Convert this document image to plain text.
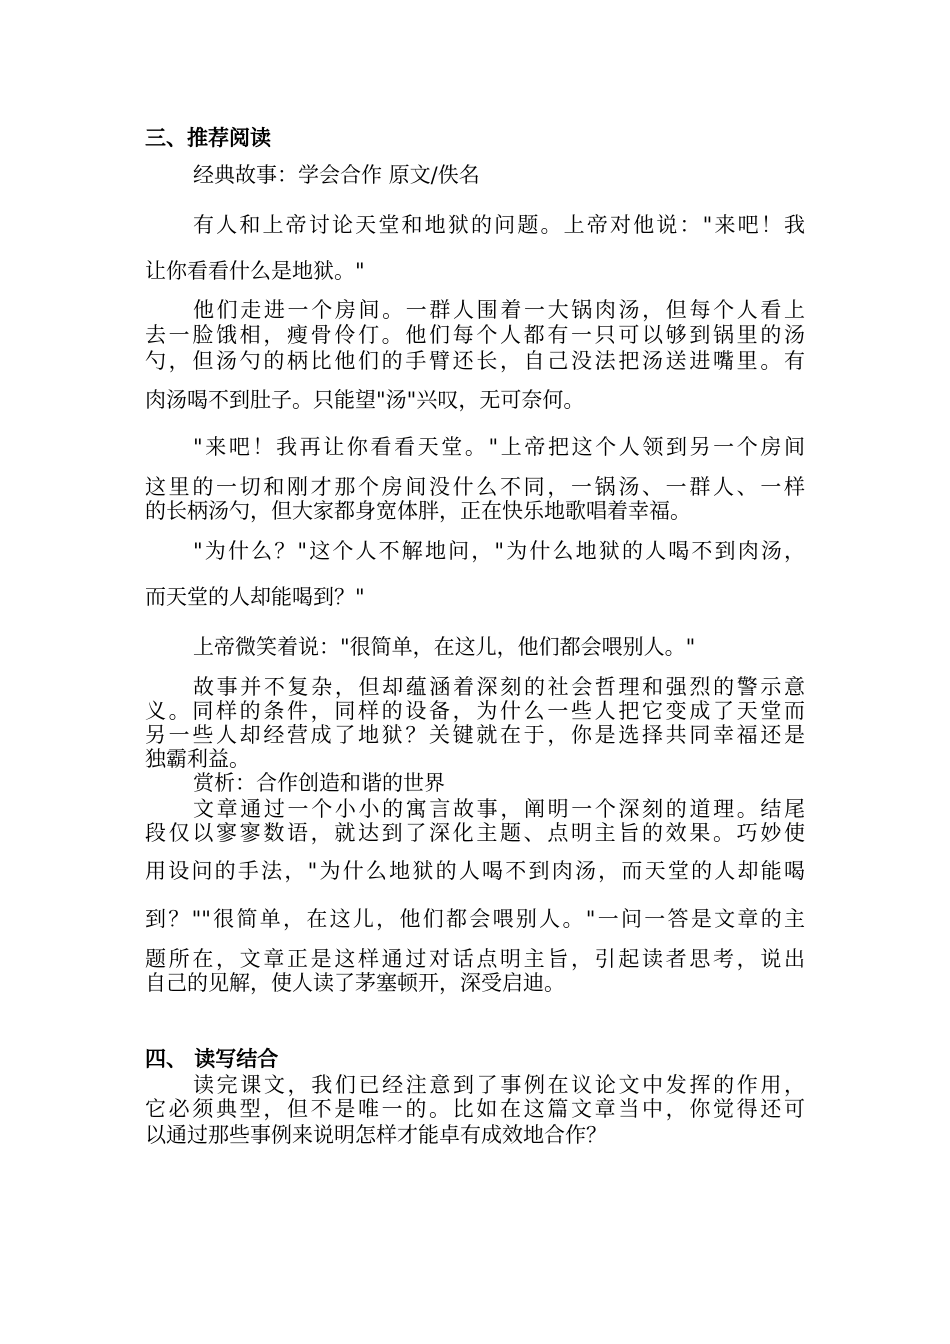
三、推荐阅读
经典故事：学会合作 原文/佚名
有人和上帝讨论天堂和地狱的问题。上帝对他说："来吧！我
让你看看什么是地狱。"
他们走进一个房间。一群人围着一大锅肉汤，但每个人看上
去一脸饿相，瘦骨伶仃。他们每个人都有一只可以够到锅里的汤
勺，但汤勺的柄比他们的手臂还长，自己没法把汤送进嘴里。有
肉汤喝不到肚子。只能望"汤"兴叹，无可奈何。
"来吧！我再让你看看天堂。"上帝把这个人领到另一个房间
这里的一切和刚才那个房间没什么不同，一锅汤、一群人、一样
的长柄汤勺，但大家都身宽体胖，正在快乐地歌唱着幸福。
"为什么？"这个人不解地问，"为什么地狱的人喝不到肉汤，
而天堂的人却能喝到？"
上帝微笑着说："很简单，在这儿，他们都会喂别人。"
故事并不复杂，但却蕴涵着深刻的社会哲理和强烈的警示意
义。同样的条件，同样的设备，为什么一些人把它变成了天堂而
另一些人却经营成了地狱？关键就在于，你是选择共同幸福还是
独霸利益。
赏析：合作创造和谐的世界
文章通过一个小小的寓言故事，阐明一个深刻的道理。结尾
段仅以寥寥数语，就达到了深化主题、点明主旨的效果。巧妙使
用设问的手法，"为什么地狱的人喝不到肉汤，而天堂的人却能喝
到？""很简单，在这儿，他们都会喂别人。"一问一答是文章的主
题所在，文章正是这样通过对话点明主旨，引起读者思考，说出
自己的见解，使人读了茅塞顿开，深受启迪。
四、 读写结合
读完课文，我们已经注意到了事例在议论文中发挥的作用，
它必须典型，但不是唯一的。比如在这篇文章当中，你觉得还可
以通过那些事例来说明怎样才能卓有成效地合作？
